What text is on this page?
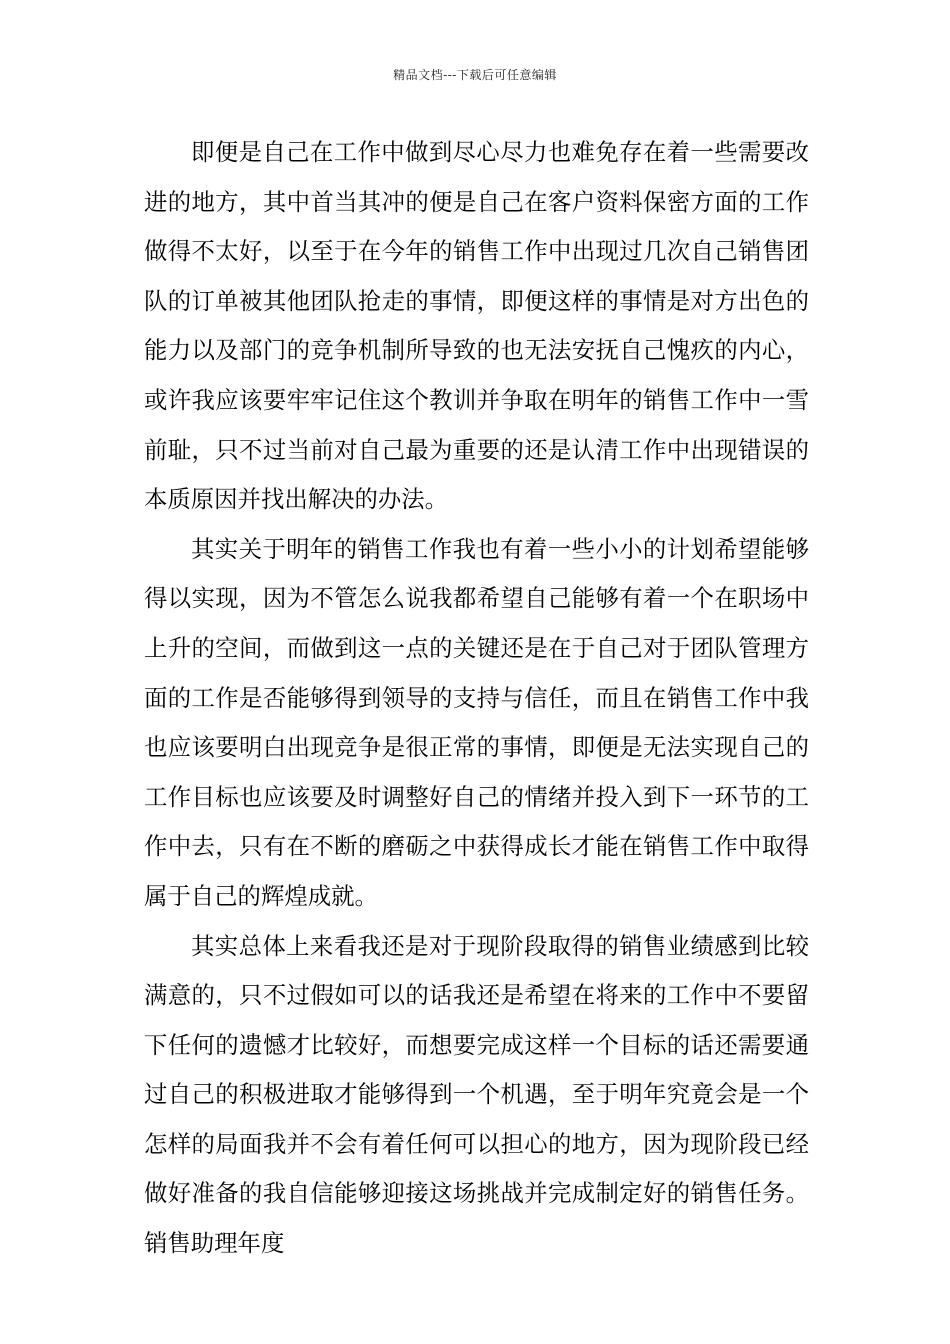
精品文档---下载后可任意编辑

即便是自己在工作中做到尽心尽力也难免存在着一些需要改进的地方，其中首当其冲的便是自己在客户资料保密方面的工作做得不太好，以至于在今年的销售工作中出现过几次自己销售团队的订单被其他团队抢走的事情，即便这样的事情是对方出色的能力以及部门的竞争机制所导致的也无法安抚自己愧疚的内心，或许我应该要牢牢记住这个教训并争取在明年的销售工作中一雪前耻，只不过当前对自己最为重要的还是认清工作中出现错误的本质原因并找出解决的办法。

其实关于明年的销售工作我也有着一些小小的计划希望能够得以实现，因为不管怎么说我都希望自己能够有着一个在职场中上升的空间，而做到这一点的关键还是在于自己对于团队管理方面的工作是否能够得到领导的支持与信任，而且在销售工作中我也应该要明白出现竞争是很正常的事情，即便是无法实现自己的工作目标也应该要及时调整好自己的情绪并投入到下一环节的工作中去，只有在不断的磨砺之中获得成长才能在销售工作中取得属于自己的辉煌成就。

其实总体上来看我还是对于现阶段取得的销售业绩感到比较满意的，只不过假如可以的话我还是希望在将来的工作中不要留下任何的遗憾才比较好，而想要完成这样一个目标的话还需要通过自己的积极进取才能够得到一个机遇，至于明年究竟会是一个怎样的局面我并不会有着任何可以担心的地方，因为现阶段已经做好准备的我自信能够迎接这场挑战并完成制定好的销售任务。销售助理年度
